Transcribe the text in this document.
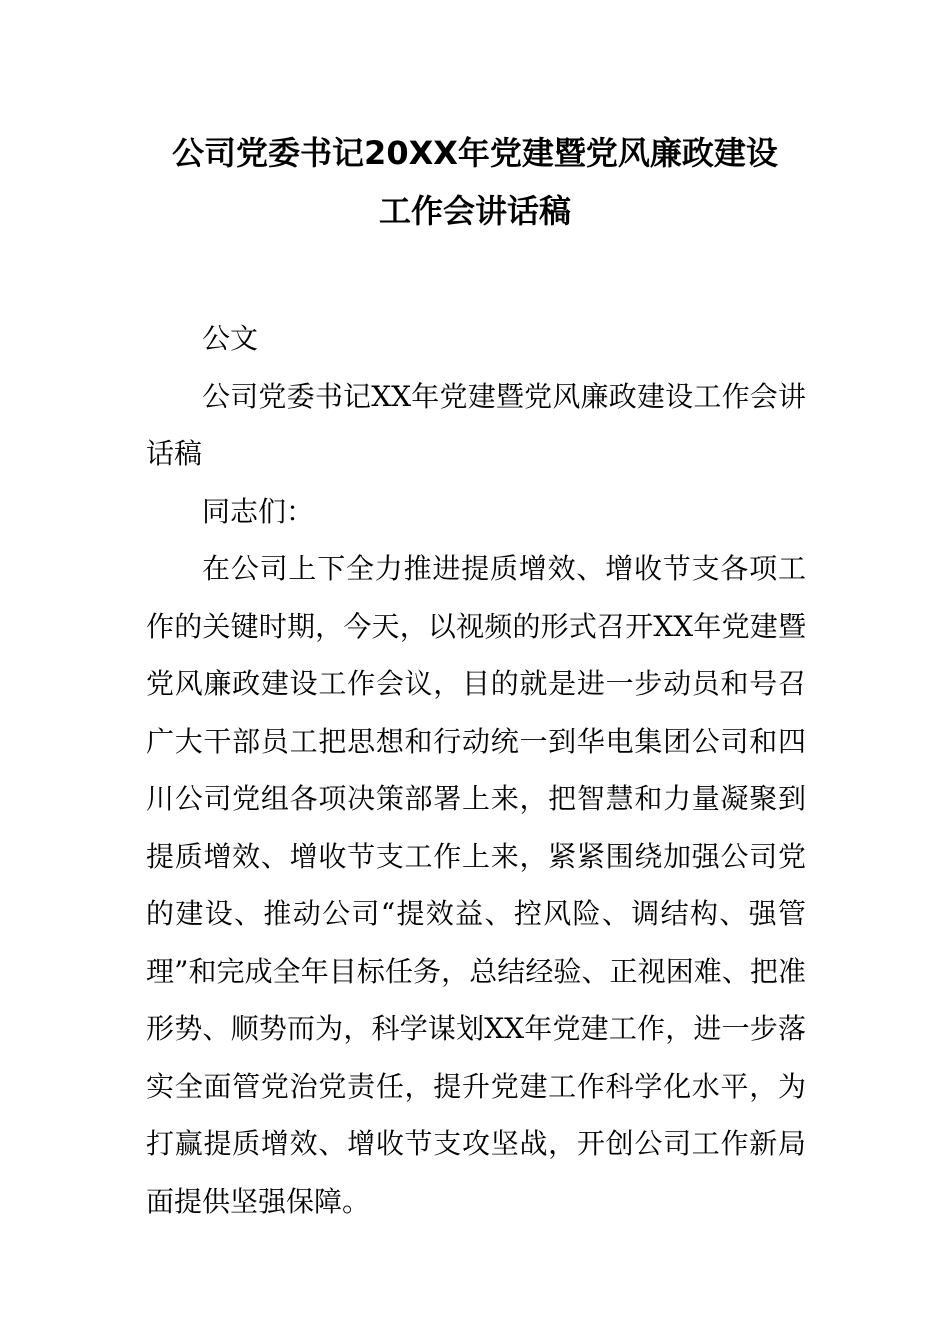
公司党委书记20XX年党建暨党风廉政建设
工作会讲话稿

公文

公司党委书记XX年党建暨党风廉政建设工作会讲话稿

同志们：

在公司上下全力推进提质增效、增收节支各项工作的关键时期，今天，以视频的形式召开XX年党建暨党风廉政建设工作会议，目的就是进一步动员和号召广大干部员工把思想和行动统一到华电集团公司和四川公司党组各项决策部署上来，把智慧和力量凝聚到提质增效、增收节支工作上来，紧紧围绕加强公司党的建设、推动公司“提效益、控风险、调结构、强管理”和完成全年目标任务，总结经验、正视困难、把准形势、顺势而为，科学谋划XX年党建工作，进一步落实全面管党治党责任，提升党建工作科学化水平，为打赢提质增效、增收节支攻坚战，开创公司工作新局面提供坚强保障。
